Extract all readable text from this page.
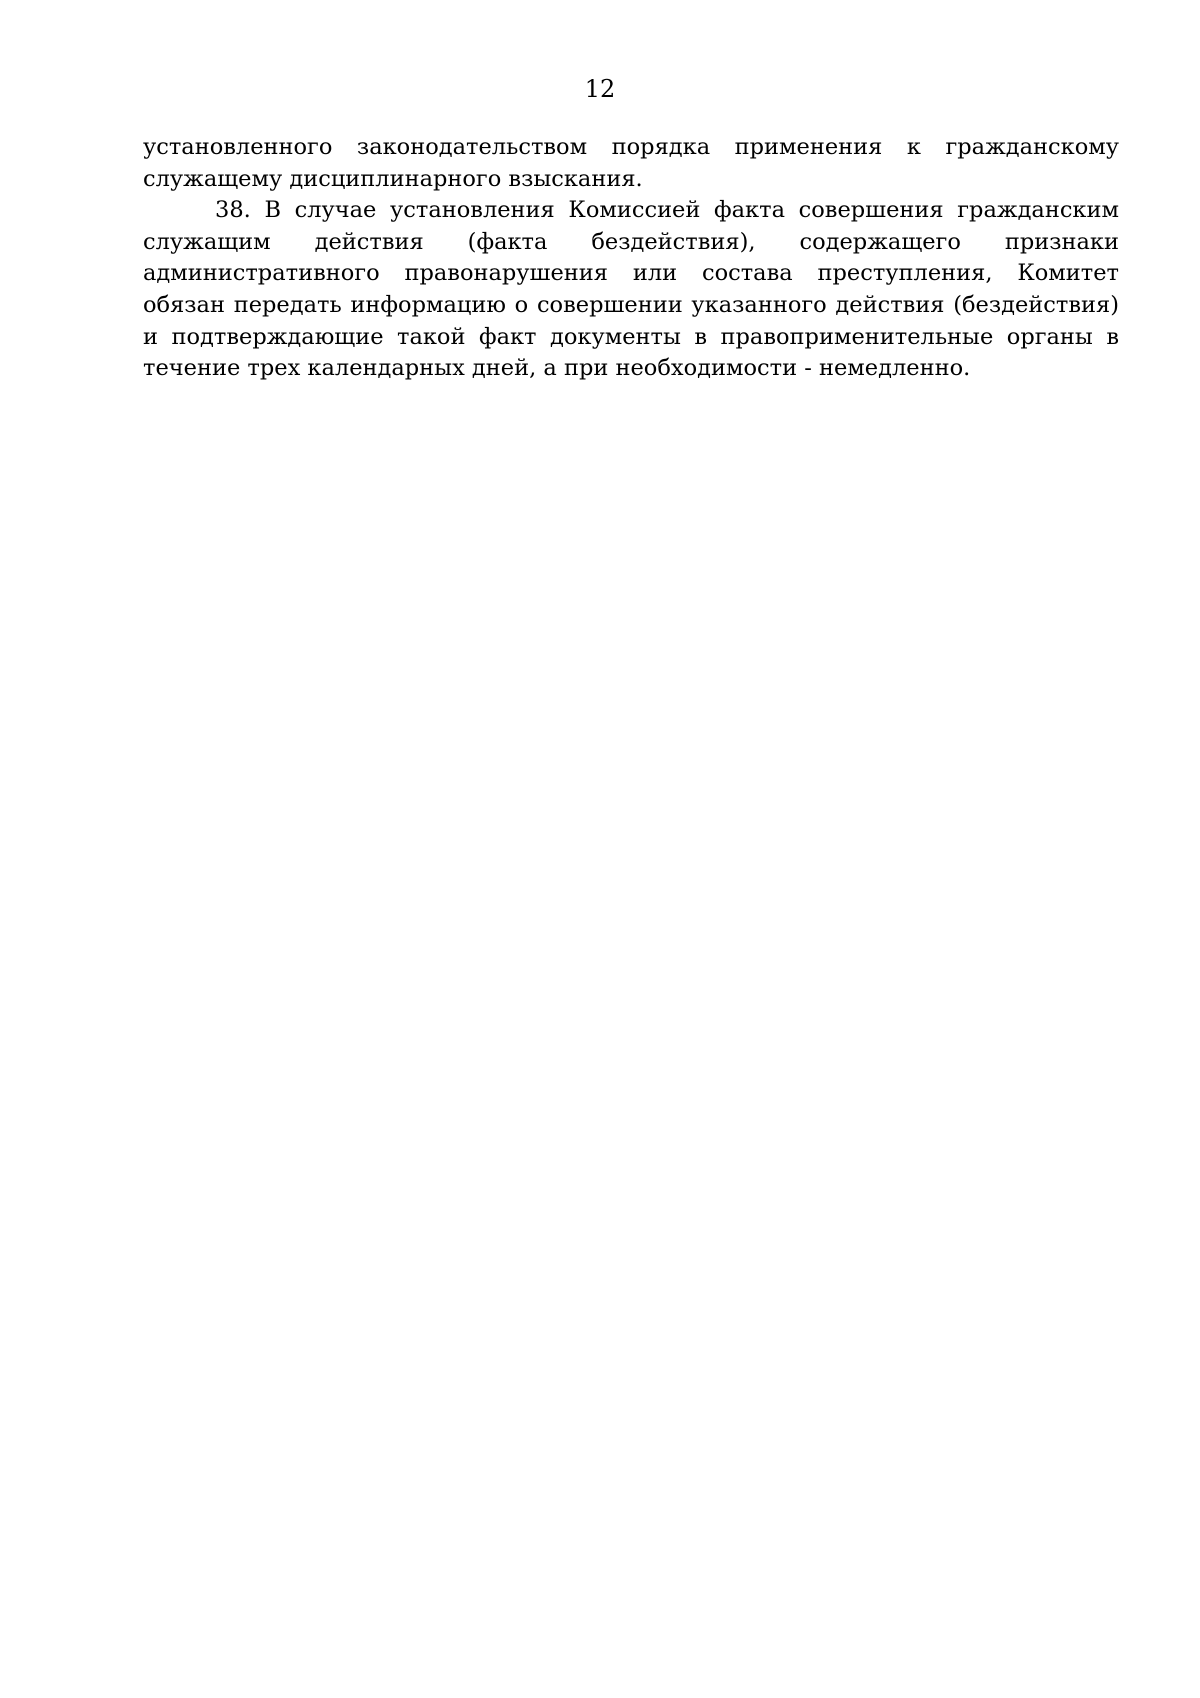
12

установленного законодательством порядка применения к гражданскому служащему дисциплинарного взыскания.

38. В случае установления Комиссией факта совершения гражданским служащим действия (факта бездействия), содержащего признаки административного правонарушения или состава преступления, Комитет обязан передать информацию о совершении указанного действия (бездействия) и подтверждающие такой факт документы в правоприменительные органы в течение трех календарных дней, а при необходимости - немедленно.
